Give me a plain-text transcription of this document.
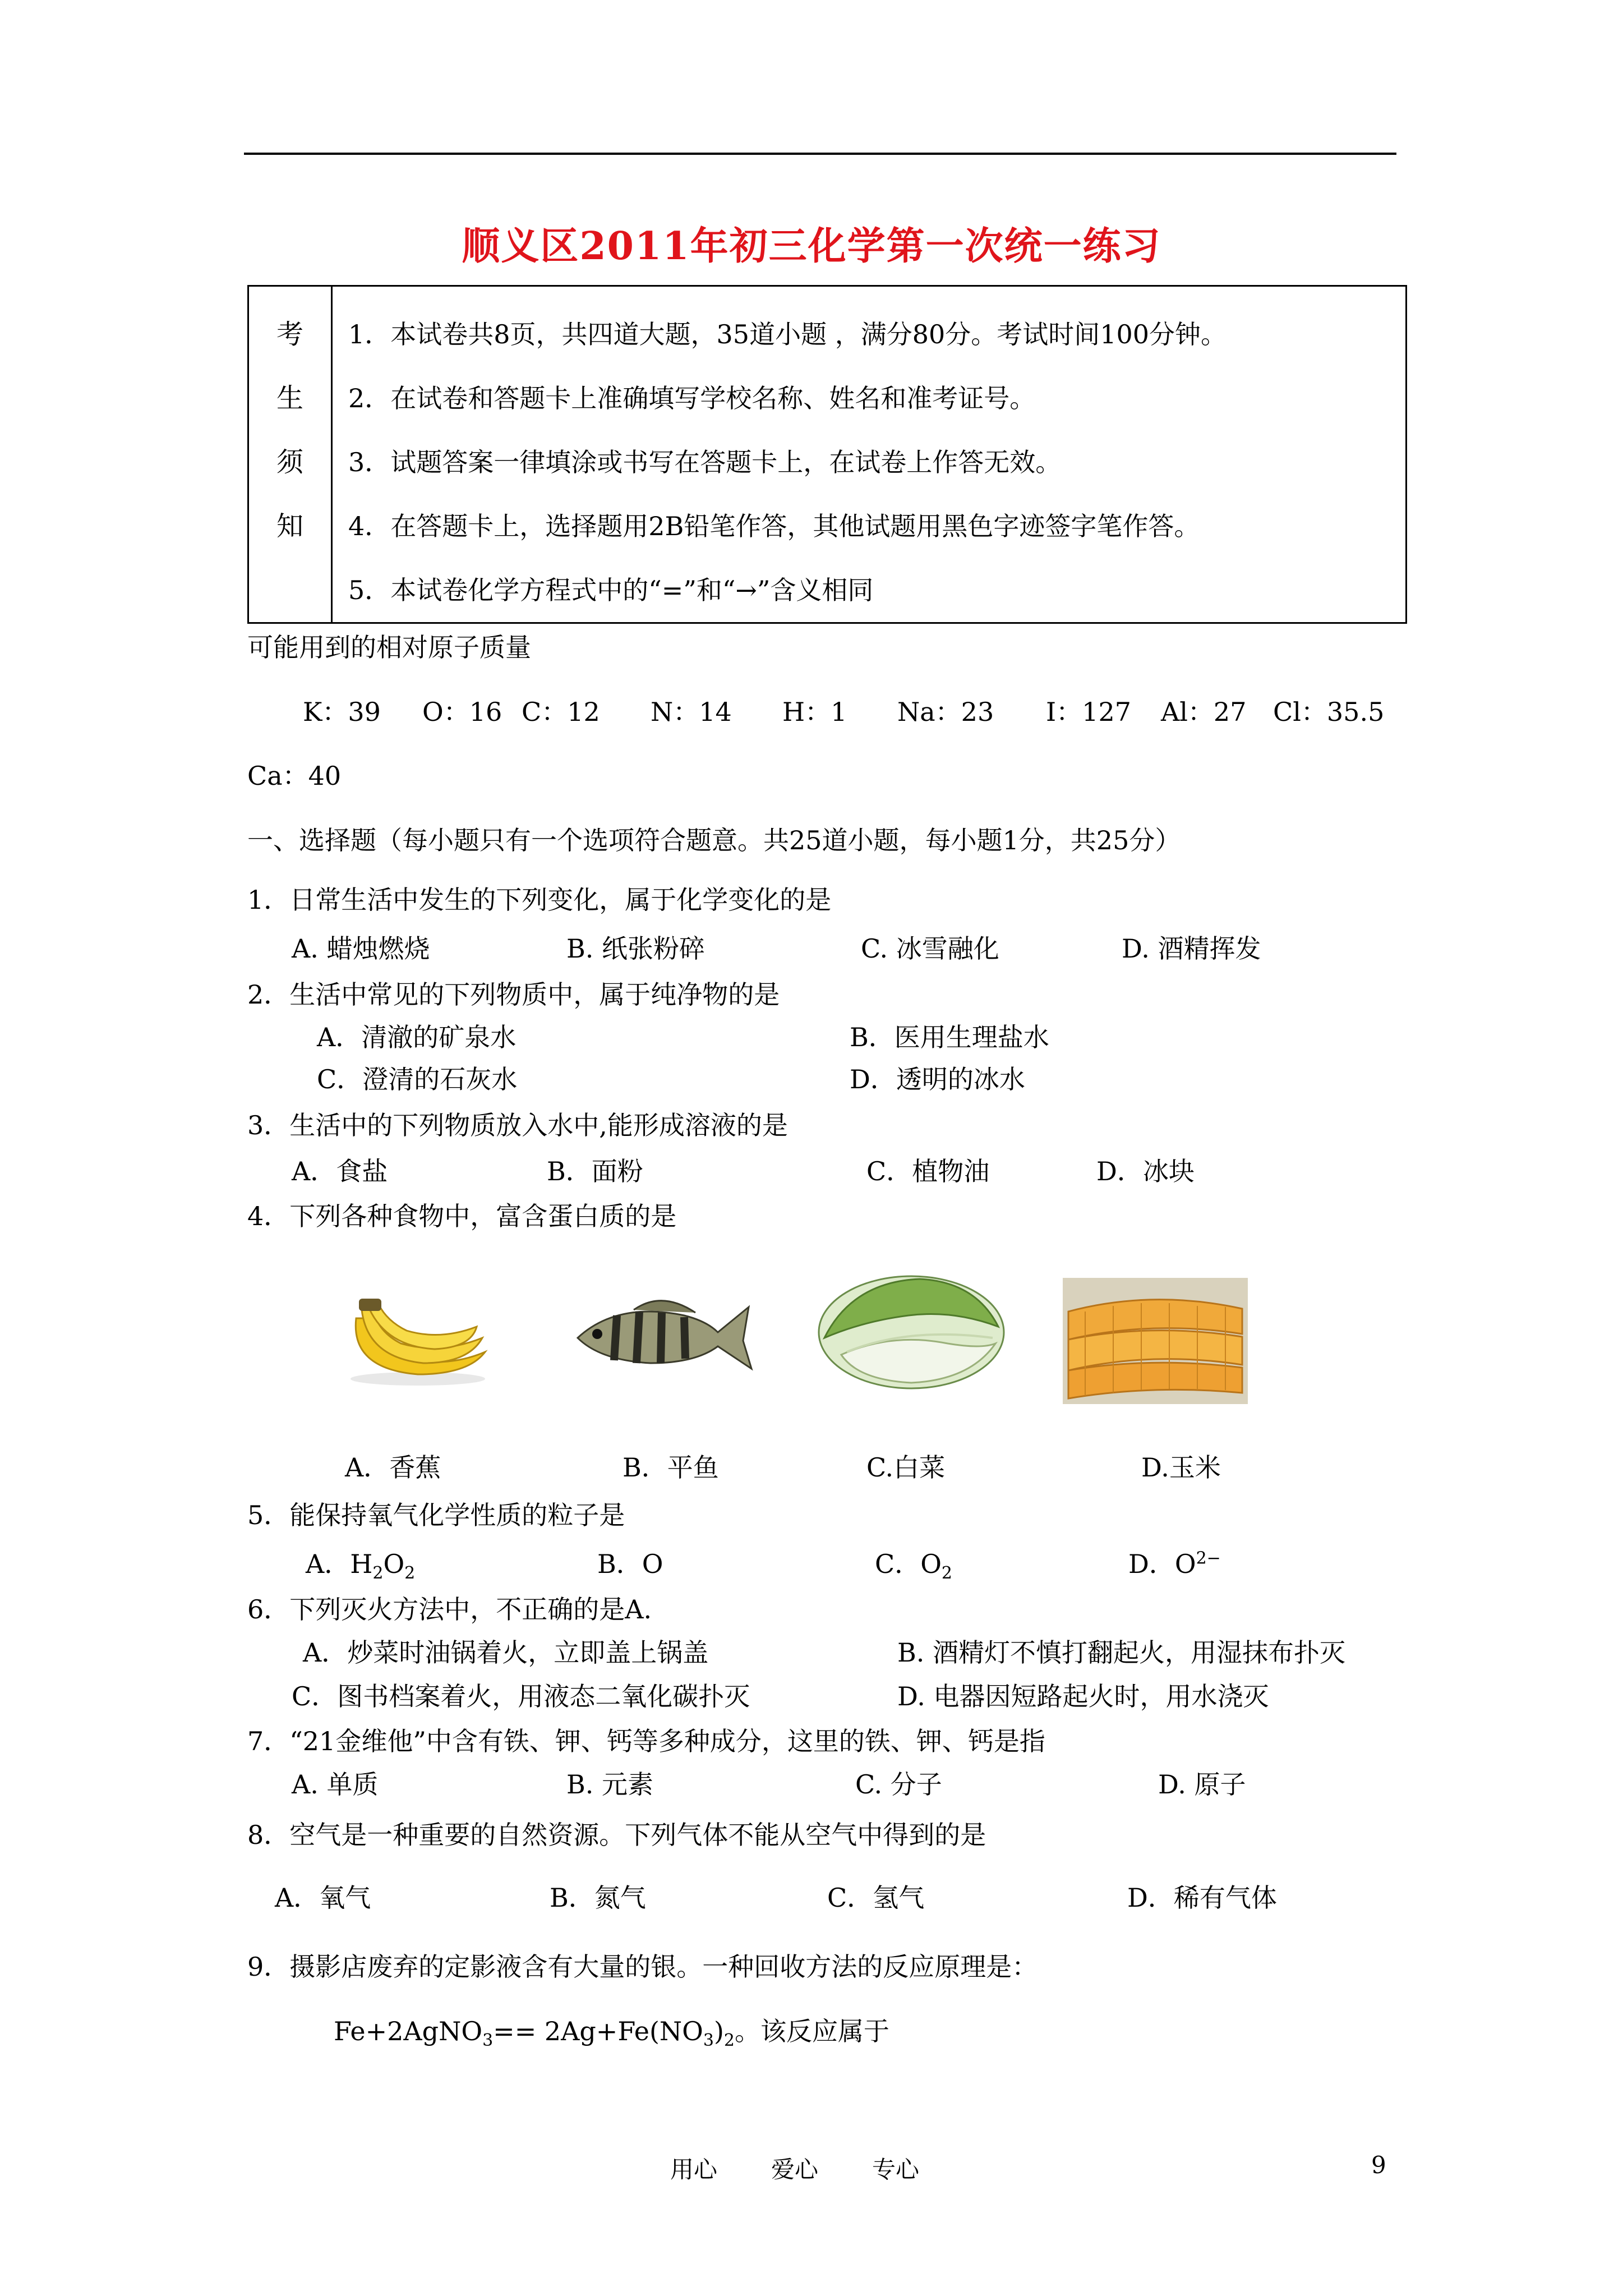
顺义区2011年初三化学第一次统一练习
考
生
须
知

1．本试卷共8页，共四道大题，35道小题 ，满分80分。考试时间100分钟。
2．在试卷和答题卡上准确填写学校名称、姓名和准考证号。
3．试题答案一律填涂或书写在答题卡上，在试卷上作答无效。
4．在答题卡上，选择题用2B铅笔作答，其他试题用黑色字迹签字笔作答。
5．本试卷化学方程式中的“=”和“→”含义相同
可能用到的相对原子质量
K：39 O：16 C：12 N：14 H：1 Na：23 I：127 Al：27 Cl：35.5
Ca：40
一、选择题（每小题只有一个选项符合题意。共25道小题，每小题1分，共25分）
1．日常生活中发生的下列变化，属于化学变化的是
A. 蜡烛燃烧	B. 纸张粉碎	C. 冰雪融化	D. 酒精挥发
2．生活中常见的下列物质中，属于纯净物的是
A．清澈的矿泉水	B．医用生理盐水
C．澄清的石灰水	D．透明的冰水
3．生活中的下列物质放入水中,能形成溶液的是
A．食盐	B．面粉	C．植物油	D．冰块
4．下列各种食物中，富含蛋白质的是
A．香蕉	B．平鱼	C.白菜	D.玉米
5．能保持氧气化学性质的粒子是
A．$H_2O_2$	B．O	C．$O_2$	D．$O^{2-}$
6．下列灭火方法中，不正确的是A.
A．炒菜时油锅着火，立即盖上锅盖	B. 酒精灯不慎打翻起火，用湿抹布扑灭
C．图书档案着火，用液态二氧化碳扑灭	D. 电器因短路起火时，用水浇灭
7．“21金维他”中含有铁、钾、钙等多种成分，这里的铁、钾、钙是指
A. 单质	B. 元素	C. 分子	D. 原子
8．空气是一种重要的自然资源。下列气体不能从空气中得到的是
A．氧气	B．氮气	C．氢气	D．稀有气体
9．摄影店废弃的定影液含有大量的银。一种回收方法的反应原理是：
Fe+2AgNO$_3$== $2Ag+Fe(NO_3)_2$。该反应属于
用心 爱心 专心	9
